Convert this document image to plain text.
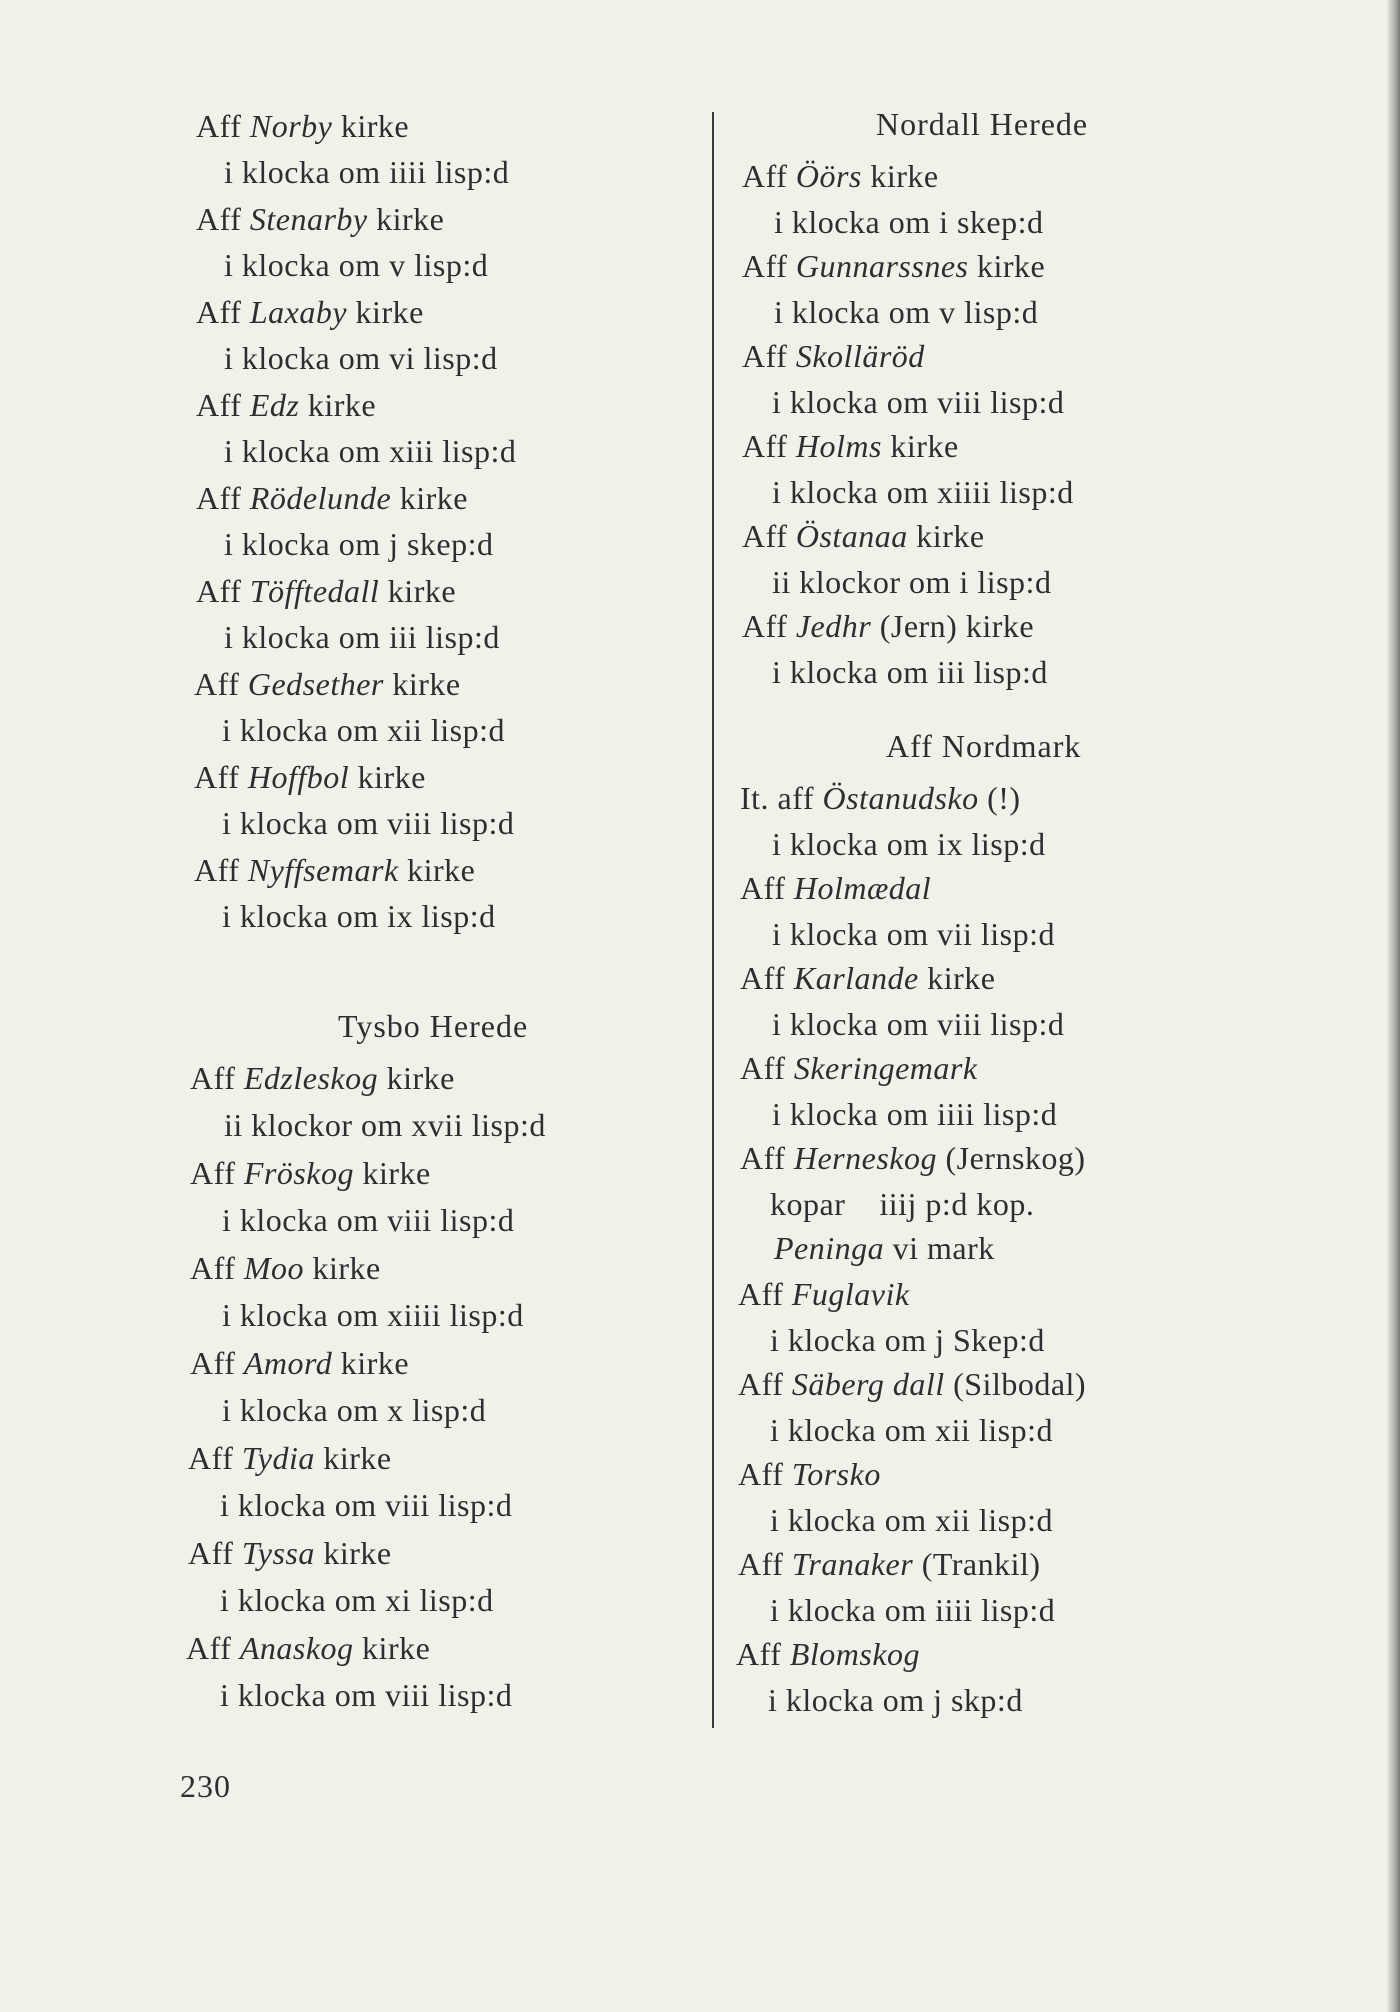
Aff Norby kirke
i klocka om iiii lisp:d
Aff Stenarby kirke
i klocka om v lisp:d
Aff Laxaby kirke
i klocka om vi lisp:d
Aff Edz kirke
i klocka om xiii lisp:d
Aff Rödelunde kirke
i klocka om j skep:d
Aff Töfftedall kirke
i klocka om iii lisp:d
Aff Gedsether kirke
i klocka om xii lisp:d
Aff Hoffbol kirke
i klocka om viii lisp:d
Aff Nyffsemark kirke
i klocka om ix lisp:d
Tysbo Herede
Aff Edzleskog kirke
ii klockor om xvii lisp:d
Aff Fröskog kirke
i klocka om viii lisp:d
Aff Moo kirke
i klocka om xiiii lisp:d
Aff Amord kirke
i klocka om x lisp:d
Aff Tydia kirke
i klocka om viii lisp:d
Aff Tyssa kirke
i klocka om xi lisp:d
Aff Anaskog kirke
i klocka om viii lisp:d
Nordall Herede
Aff Öörs kirke
i klocka om i skep:d
Aff Gunnarssnes kirke
i klocka om v lisp:d
Aff Skolläröd
i klocka om viii lisp:d
Aff Holms kirke
i klocka om xiiii lisp:d
Aff Östanaa kirke
ii klockor om i lisp:d
Aff Jedhr (Jern) kirke
i klocka om iii lisp:d
Aff Nordmark
It. aff Östanudsko (!)
i klocka om ix lisp:d
Aff Holmædal
i klocka om vii lisp:d
Aff Karlande kirke
i klocka om viii lisp:d
Aff Skeringemark
i klocka om iiii lisp:d
Aff Herneskog (Jernskog)
kopar    iiij p:d kop.
Peninga vi mark
Aff Fuglavik
i klocka om j Skep:d
Aff Säberg dall (Silbodal)
i klocka om xii lisp:d
Aff Torsko
i klocka om xii lisp:d
Aff Tranaker (Trankil)
i klocka om iiii lisp:d
Aff Blomskog
i klocka om j skp:d
230
